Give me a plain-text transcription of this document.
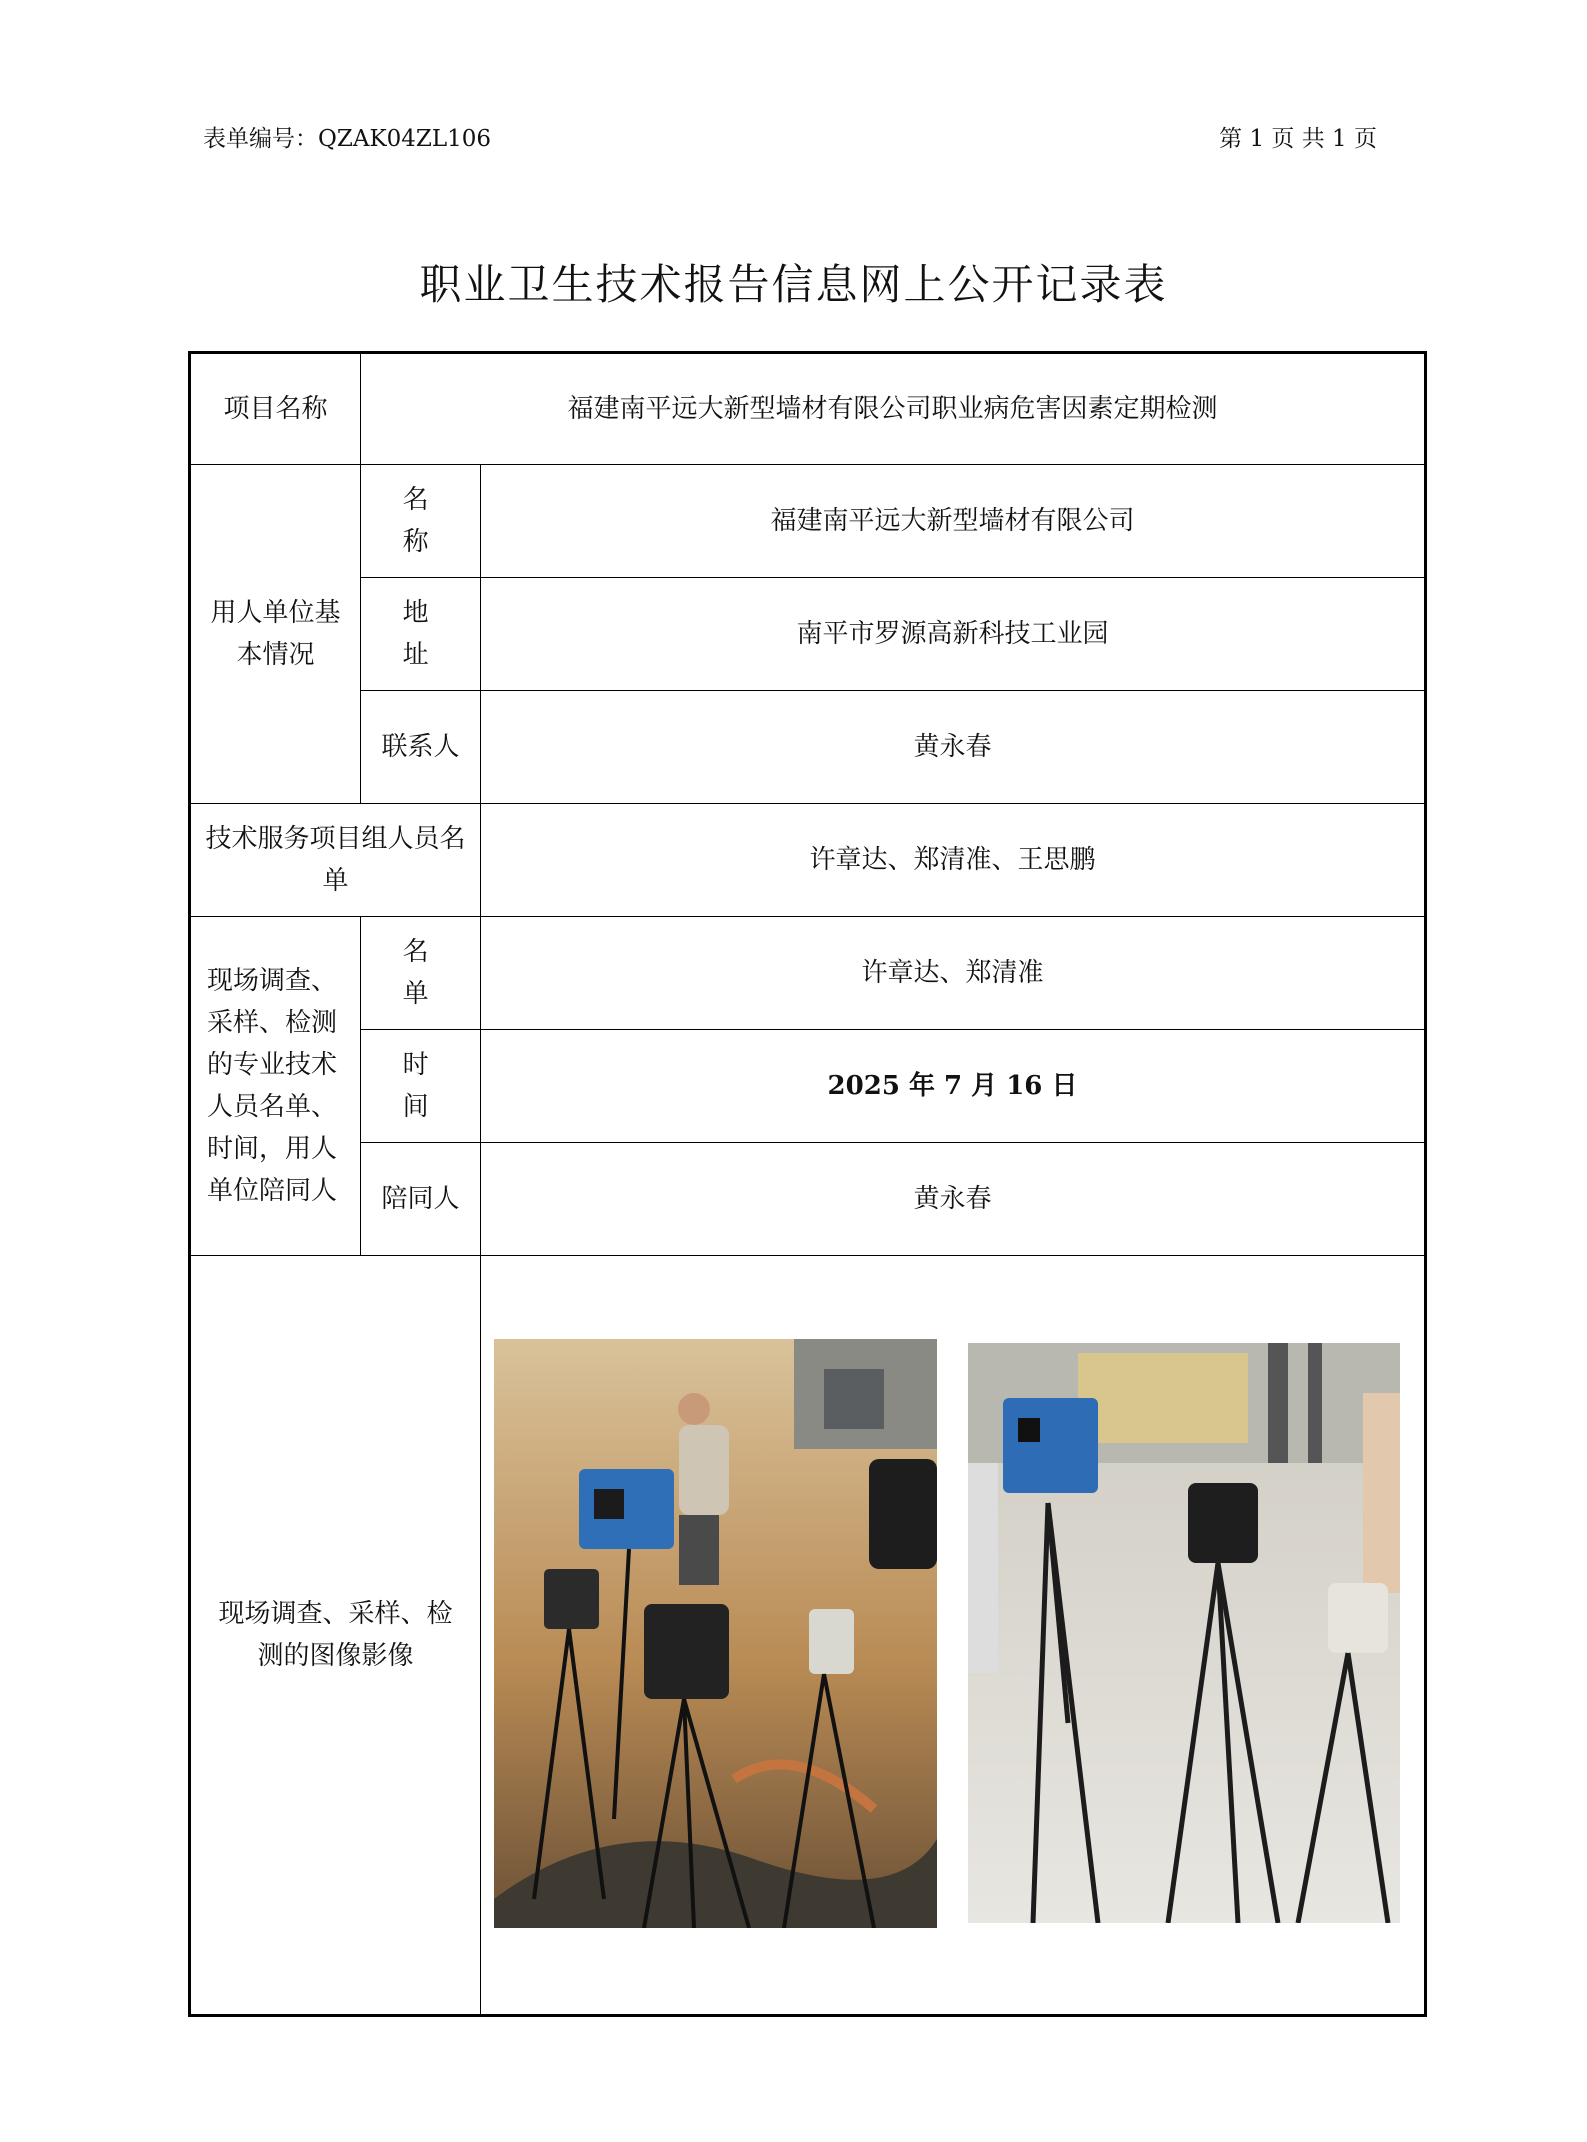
表单编号：QZAK04ZL106	第 1 页 共 1 页
职业卫生技术报告信息网上公开记录表
项目名称	福建南平远大新型墙材有限公司职业病危害因素定期检测	
用人单位基本情况	名 称	福建南平远大新型墙材有限公司
	地 址	南平市罗源高新科技工业园
	联系人	黄永春
技术服务项目组人员名单		许章达、郑清准、王思鹏
现场调查、采样、检测的专业技术人员名单、时间，用人单位陪同人	名 单	许章达、郑清准
	时 间	2025 年 7 月 16 日
	陪同人	黄永春
现场调查、采样、检测的图像影像	
